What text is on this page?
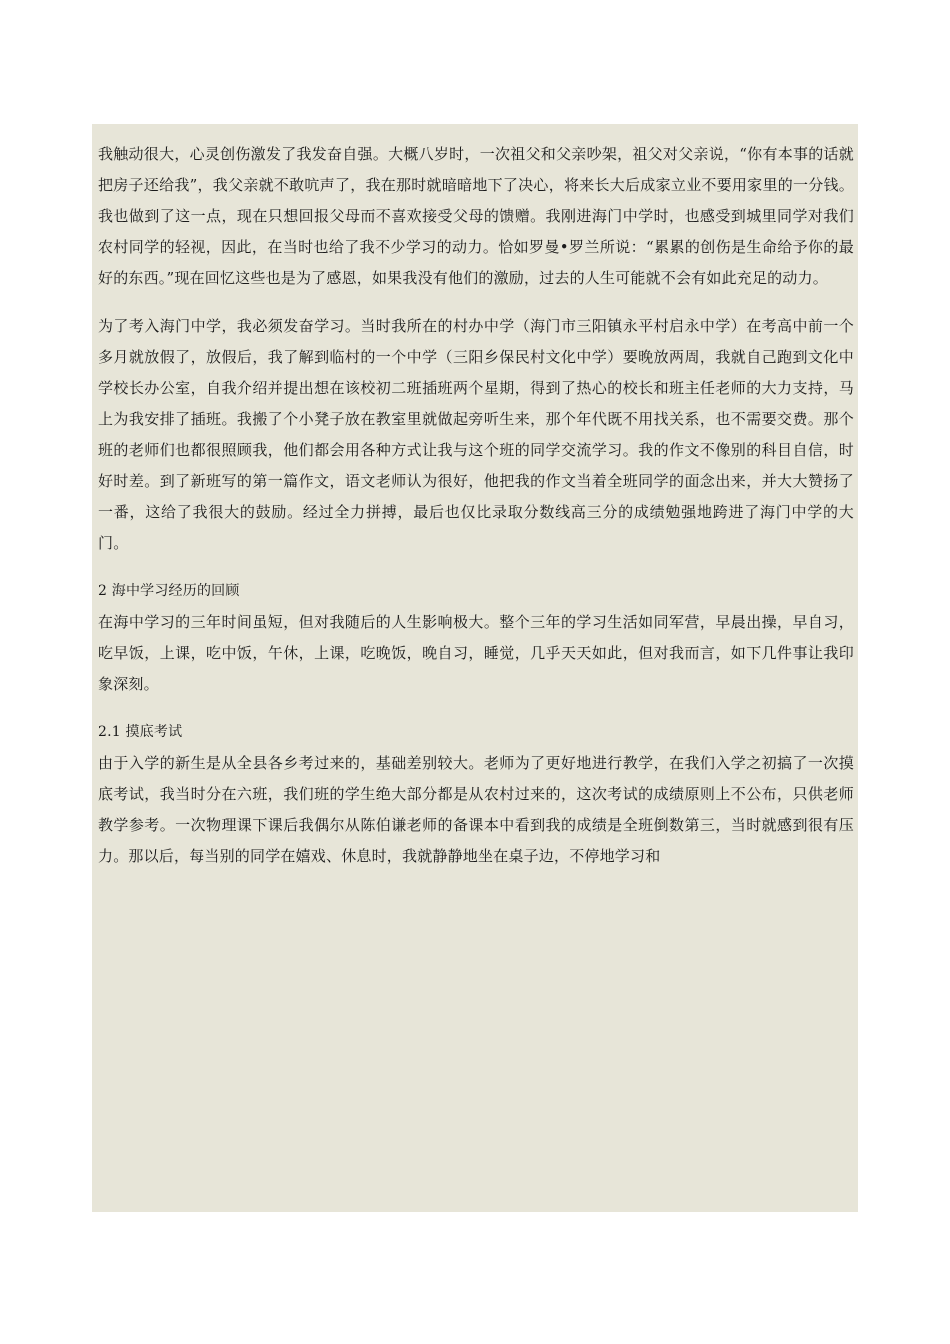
我触动很大，心灵创伤激发了我发奋自强。大概八岁时，一次祖父和父亲吵架，祖父对父亲说，“你有本事的话就把房子还给我”，我父亲就不敢吭声了，我在那时就暗暗地下了决心，将来长大后成家立业不要用家里的一分钱。我也做到了这一点，现在只想回报父母而不喜欢接受父母的馈赠。我刚进海门中学时，也感受到城里同学对我们农村同学的轻视，因此，在当时也给了我不少学习的动力。恰如罗曼•罗兰所说：“累累的创伤是生命给予你的最好的东西。”现在回忆这些也是为了感恩，如果我没有他们的激励，过去的人生可能就不会有如此充足的动力。

为了考入海门中学，我必须发奋学习。当时我所在的村办中学（海门市三阳镇永平村启永中学）在考高中前一个多月就放假了，放假后，我了解到临村的一个中学（三阳乡保民村文化中学）要晚放两周，我就自己跑到文化中学校长办公室，自我介绍并提出想在该校初二班插班两个星期，得到了热心的校长和班主任老师的大力支持，马上为我安排了插班。我搬了个小凳子放在教室里就做起旁听生来，那个年代既不用找关系，也不需要交费。那个班的老师们也都很照顾我，他们都会用各种方式让我与这个班的同学交流学习。我的作文不像别的科目自信，时好时差。到了新班写的第一篇作文，语文老师认为很好，他把我的作文当着全班同学的面念出来，并大大赞扬了一番，这给了我很大的鼓励。经过全力拼搏，最后也仅比录取分数线高三分的成绩勉强地跨进了海门中学的大门。

2 海中学习经历的回顾

在海中学习的三年时间虽短，但对我随后的人生影响极大。整个三年的学习生活如同军营，早晨出操，早自习，吃早饭，上课，吃中饭，午休，上课，吃晚饭，晚自习，睡觉，几乎天天如此，但对我而言，如下几件事让我印象深刻。

2.1 摸底考试

由于入学的新生是从全县各乡考过来的，基础差别较大。老师为了更好地进行教学，在我们入学之初搞了一次摸底考试，我当时分在六班，我们班的学生绝大部分都是从农村过来的，这次考试的成绩原则上不公布，只供老师教学参考。一次物理课下课后我偶尔从陈伯谦老师的备课本中看到我的成绩是全班倒数第三，当时就感到很有压力。那以后，每当别的同学在嬉戏、休息时，我就静静地坐在桌子边，不停地学习和
